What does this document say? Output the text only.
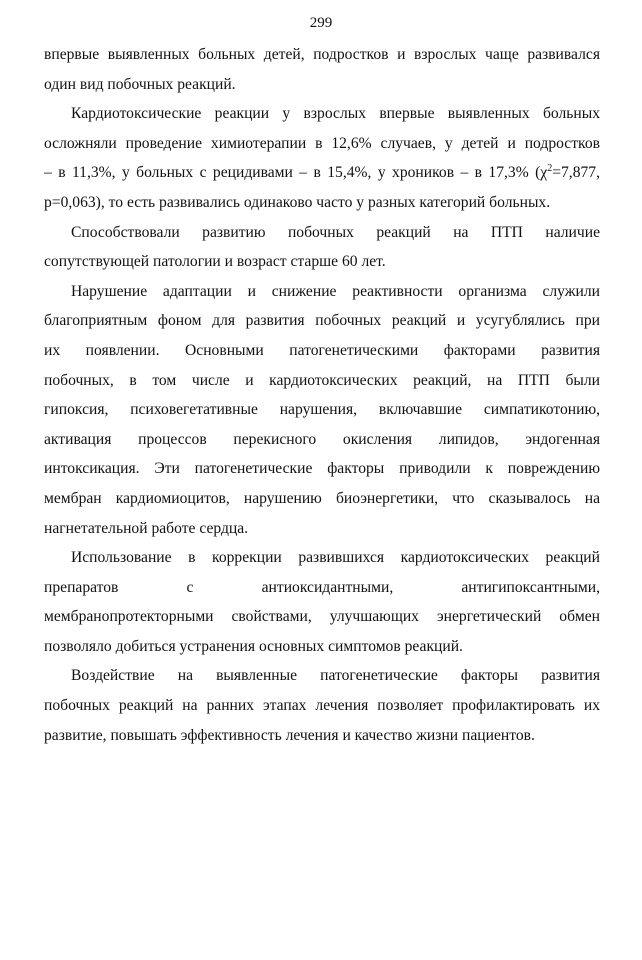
299
впервые выявленных больных детей, подростков и взрослых чаще развивался
один вид побочных реакций.
Кардиотоксические реакции у взрослых впервые выявленных больных
осложняли проведение химиотерапии в 12,6% случаев, у детей и подростков
– в 11,3%, у больных с рецидивами – в 15,4%, у хроников – в 17,3% ($\chi^2=7,877$,
р=0,063), то есть развивались одинаково часто у разных категорий больных.
Способствовали развитию побочных реакций на ПТП наличие
сопутствующей патологии и возраст старше 60 лет.
Нарушение адаптации и снижение реактивности организма служили
благоприятным фоном для развития побочных реакций и усугублялись при
их появлении. Основными патогенетическими факторами развития
побочных, в том числе и кардиотоксических реакций, на ПТП были
гипоксия, психовегетативные нарушения, включавшие симпатикотонию,
активация процессов перекисного окисления липидов, эндогенная
интоксикация. Эти патогенетические факторы приводили к повреждению
мембран кардиомиоцитов, нарушению биоэнергетики, что сказывалось на
нагнетательной работе сердца.
Использование в коррекции развившихся кардиотоксических реакций
препаратов с антиоксидантными, антигипоксантными,
мембранопротекторными свойствами, улучшающих энергетический обмен
позволяло добиться устранения основных симптомов реакций.
Воздействие на выявленные патогенетические факторы развития
побочных реакций на ранних этапах лечения позволяет профилактировать их
развитие, повышать эффективность лечения и качество жизни пациентов.
